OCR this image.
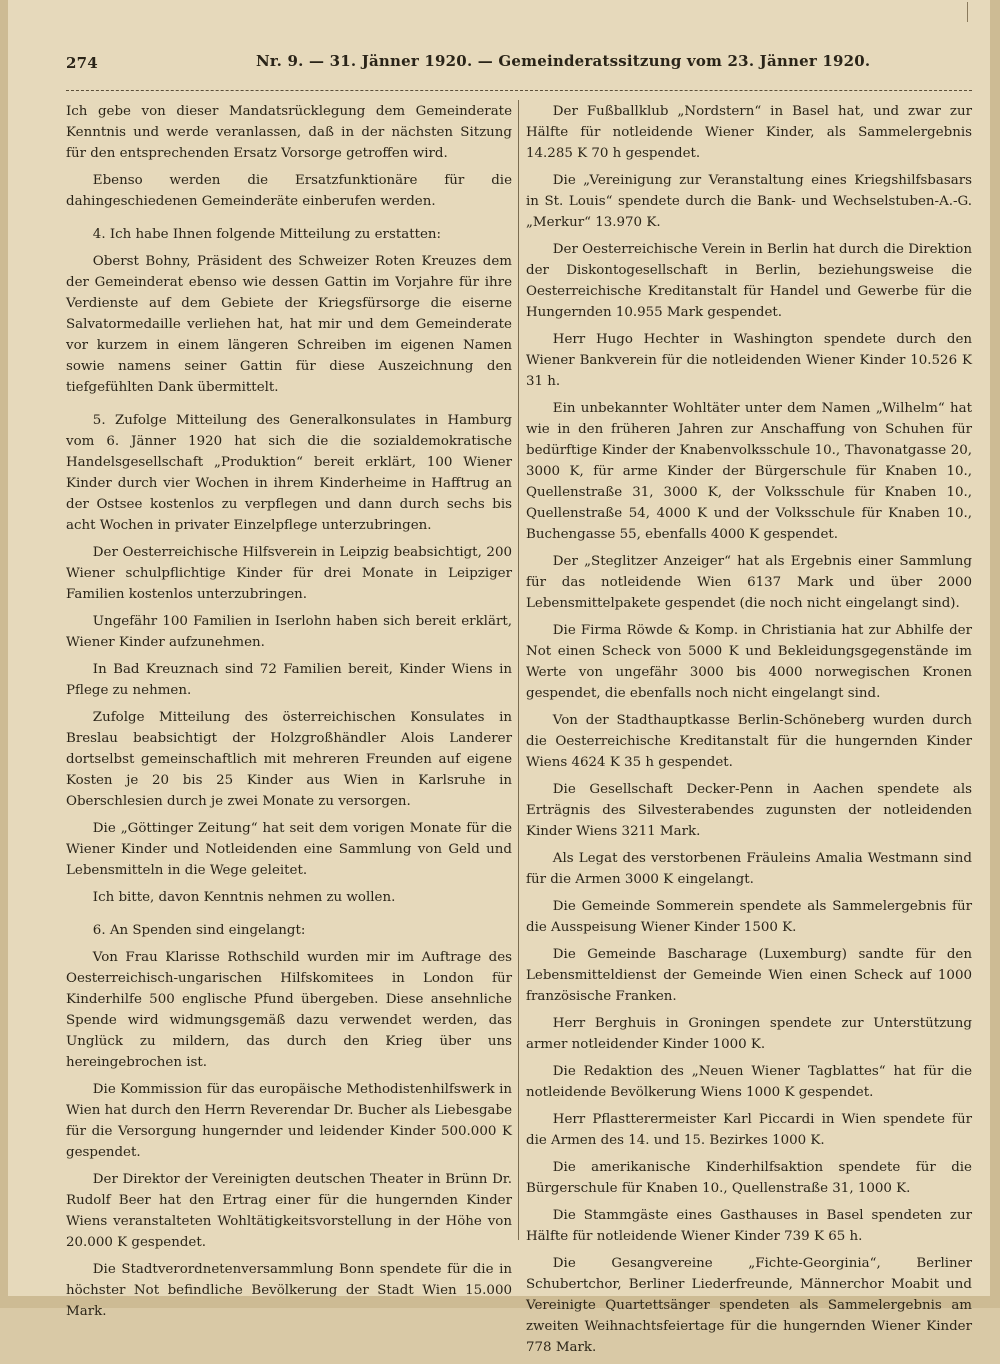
274	Nr. 9. — 31. Jänner 1920. — Gemeinderatssitzung vom 23. Jänner 1920.

Ich gebe von dieser Mandatsrücklegung dem Gemeinderate Kenntnis und werde veranlassen, daß in der nächsten Sitzung für den entsprechenden Ersatz Vorsorge getroffen wird.

Ebenso werden die Ersatzfunktionäre für die dahingeschiedenen Gemeinderäte einberufen werden.

4. Ich habe Ihnen folgende Mitteilung zu erstatten:

Oberst Bohny, Präsident des Schweizer Roten Kreuzes dem der Gemeinderat ebenso wie dessen Gattin im Vorjahre für ihre Verdienste auf dem Gebiete der Kriegsfürsorge die eiserne Salvatormedaille verliehen hat, hat mir und dem Gemeinderate vor kurzem in einem längeren Schreiben im eigenen Namen sowie namens seiner Gattin für diese Auszeichnung den tiefgefühlten Dank übermittelt.

5. Zufolge Mitteilung des Generalkonsulates in Hamburg vom 6. Jänner 1920 hat sich die die sozialdemokratische Handelsgesellschaft „Produktion“ bereit erklärt, 100 Wiener Kinder durch vier Wochen in ihrem Kinderheime in Hafftrug an der Ostsee kostenlos zu verpflegen und dann durch sechs bis acht Wochen in privater Einzelpflege unterzubringen.

Der Oesterreichische Hilfsverein in Leipzig beabsichtigt, 200 Wiener schulpflichtige Kinder für drei Monate in Leipziger Familien kostenlos unterzubringen.

Ungefähr 100 Familien in Iserlohn haben sich bereit erklärt, Wiener Kinder aufzunehmen.

In Bad Kreuznach sind 72 Familien bereit, Kinder Wiens in Pflege zu nehmen.

Zufolge Mitteilung des österreichischen Konsulates in Breslau beabsichtigt der Holzgroßhändler Alois Landerer dortselbst gemeinschaftlich mit mehreren Freunden auf eigene Kosten je 20 bis 25 Kinder aus Wien in Karlsruhe in Oberschlesien durch je zwei Monate zu versorgen.

Die „Göttinger Zeitung“ hat seit dem vorigen Monate für die Wiener Kinder und Notleidenden eine Sammlung von Geld und Lebensmitteln in die Wege geleitet.

Ich bitte, davon Kenntnis nehmen zu wollen.

6. An Spenden sind eingelangt:

Von Frau Klarisse Rothschild wurden mir im Auftrage des Oesterreichisch-ungarischen Hilfskomitees in London für Kinderhilfe 500 englische Pfund übergeben. Diese ansehnliche Spende wird widmungsgemäß dazu verwendet werden, das Unglück zu mildern, das durch den Krieg über uns hereingebrochen ist.

Die Kommission für das europäische Methodistenhilfswerk in Wien hat durch den Herrn Reverendar Dr. Bucher als Liebesgabe für die Versorgung hungernder und leidender Kinder 500.000 K gespendet.

Der Direktor der Vereinigten deutschen Theater in Brünn Dr. Rudolf Beer hat den Ertrag einer für die hungernden Kinder Wiens veranstalteten Wohltätigkeitsvorstellung in der Höhe von 20.000 K gespendet.

Die Stadtverordnetenversammlung Bonn spendete für die in höchster Not befindliche Bevölkerung der Stadt Wien 15.000 Mark.

Der Fußballklub „Nordstern“ in Basel hat, und zwar zur Hälfte für notleidende Wiener Kinder, als Sammelergebnis 14.285 K 70 h gespendet.

Die „Vereinigung zur Veranstaltung eines Kriegshilfsbasars in St. Louis“ spendete durch die Bank- und Wechselstuben-A.-G. „Merkur“ 13.970 K.

Der Oesterreichische Verein in Berlin hat durch die Direktion der Diskontogesellschaft in Berlin, beziehungsweise die Oesterreichische Kreditanstalt für Handel und Gewerbe für die Hungernden 10.955 Mark gespendet.

Herr Hugo Hechter in Washington spendete durch den Wiener Bankverein für die notleidenden Wiener Kinder 10.526 K 31 h.

Ein unbekannter Wohltäter unter dem Namen „Wilhelm“ hat wie in den früheren Jahren zur Anschaffung von Schuhen für bedürftige Kinder der Knabenvolksschule 10., Thavonatgasse 20, 3000 K, für arme Kinder der Bürgerschule für Knaben 10., Quellenstraße 31, 3000 K, der Volksschule für Knaben 10., Quellenstraße 54, 4000 K und der Volksschule für Knaben 10., Buchengasse 55, ebenfalls 4000 K gespendet.

Der „Steglitzer Anzeiger“ hat als Ergebnis einer Sammlung für das notleidende Wien 6137 Mark und über 2000 Lebensmittelpakete gespendet (die noch nicht eingelangt sind).

Die Firma Röwde & Komp. in Christiania hat zur Abhilfe der Not einen Scheck von 5000 K und Bekleidungsgegenstände im Werte von ungefähr 3000 bis 4000 norwegischen Kronen gespendet, die ebenfalls noch nicht eingelangt sind.

Von der Stadthauptkasse Berlin-Schöneberg wurden durch die Oesterreichische Kreditanstalt für die hungernden Kinder Wiens 4624 K 35 h gespendet.

Die Gesellschaft Decker-Penn in Aachen spendete als Erträgnis des Silvesterabendes zugunsten der notleidenden Kinder Wiens 3211 Mark.

Als Legat des verstorbenen Fräuleins Amalia Westmann sind für die Armen 3000 K eingelangt.

Die Gemeinde Sommerein spendete als Sammelergebnis für die Ausspeisung Wiener Kinder 1500 K.

Die Gemeinde Bascharage (Luxemburg) sandte für den Lebensmitteldienst der Gemeinde Wien einen Scheck auf 1000 französische Franken.

Herr Berghuis in Groningen spendete zur Unterstützung armer notleidender Kinder 1000 K.

Die Redaktion des „Neuen Wiener Tagblattes“ hat für die notleidende Bevölkerung Wiens 1000 K gespendet.

Herr Pflastterermeister Karl Piccardi in Wien spendete für die Armen des 14. und 15. Bezirkes 1000 K.

Die amerikanische Kinderhilfsaktion spendete für die Bürgerschule für Knaben 10., Quellenstraße 31, 1000 K.

Die Stammgäste eines Gasthauses in Basel spendeten zur Hälfte für notleidende Wiener Kinder 739 K 65 h.

Die Gesangvereine „Fichte-Georginia“, Berliner Schubertchor, Berliner Liederfreunde, Männerchor Moabit und Vereinigte Quartettsänger spendeten als Sammelergebnis am zweiten Weihnachtsfeiertage für die hungernden Wiener Kinder 778 Mark.
